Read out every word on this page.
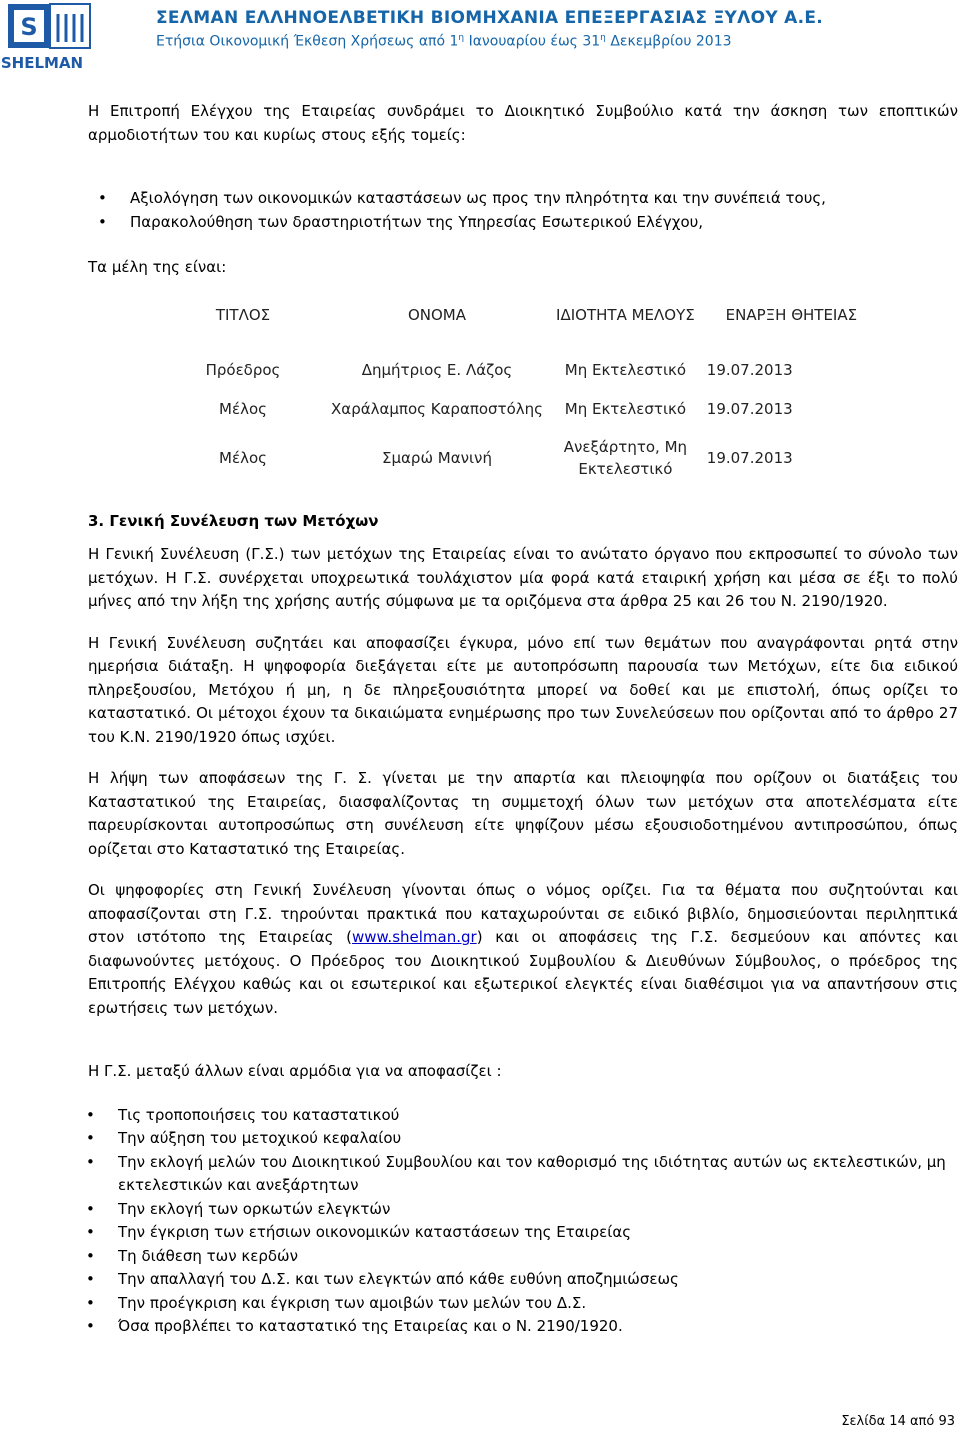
S
SHELMAN
ΣΕΛΜΑΝ ΕΛΛΗΝΟΕΛΒΕΤΙΚΗ ΒΙΟΜΗΧΑΝΙΑ ΕΠΕΞΕΡΓΑΣΙΑΣ ΞΥΛΟΥ Α.Ε.
Ετήσια Οικονομική Έκθεση Χρήσεως από $1^\eta$ Ιανουαρίου έως $31^\eta$ Δεκεμβρίου 2013

Η Επιτροπή Ελέγχου της Εταιρείας συνδράμει το Διοικητικό Συμβούλιο κατά την άσκηση των εποπτικών αρμοδιοτήτων του και κυρίως στους εξής τομείς:

• Αξιολόγηση των οικονομικών καταστάσεων ως προς την πληρότητα και την συνέπειά τους,
• Παρακολούθηση των δραστηριοτήτων της Υπηρεσίας Εσωτερικού Ελέγχου,

Τα μέλη της είναι:

ΤΙΤΛΟΣ	ΟΝΟΜΑ	ΙΔΙΟΤΗΤΑ ΜΕΛΟΥΣ	ΕΝΑΡΞΗ ΘΗΤΕΙΑΣ
Πρόεδρος	Δημήτριος Ε. Λάζος	Μη Εκτελεστικό	19.07.2013
Μέλος	Χαράλαμπος Καραποστόλης	Μη Εκτελεστικό	19.07.2013
Μέλος	Σμαρώ Μανινή	Ανεξάρτητο, Μη Εκτελεστικό	19.07.2013
3. Γενική Συνέλευση των Μετόχων

Η Γενική Συνέλευση (Γ.Σ.) των μετόχων της Εταιρείας είναι το ανώτατο όργανο που εκπροσωπεί το σύνολο των μετόχων. Η Γ.Σ. συνέρχεται υποχρεωτικά τουλάχιστον μία φορά κατά εταιρική χρήση και μέσα σε έξι το πολύ μήνες από την λήξη της χρήσης αυτής σύμφωνα με τα οριζόμενα στα άρθρα 25 και 26 του Ν. 2190/1920.

Η Γενική Συνέλευση συζητάει και αποφασίζει έγκυρα, μόνο επί των θεμάτων που αναγράφονται ρητά στην ημερήσια διάταξη. Η ψηφοφορία διεξάγεται είτε με αυτοπρόσωπη παρουσία των Μετόχων, είτε δια ειδικού πληρεξουσίου, Μετόχου ή μη, η δε πληρεξουσιότητα μπορεί να δοθεί και με επιστολή, όπως ορίζει το καταστατικό. Οι μέτοχοι έχουν τα δικαιώματα ενημέρωσης προ των Συνελεύσεων που ορίζονται από το άρθρο 27 του Κ.Ν. 2190/1920 όπως ισχύει.

Η λήψη των αποφάσεων της Γ. Σ. γίνεται με την απαρτία και πλειοψηφία που ορίζουν οι διατάξεις του Καταστατικού της Εταιρείας, διασφαλίζοντας τη συμμετοχή όλων των μετόχων στα αποτελέσματα είτε παρευρίσκονται αυτοπροσώπως στη συνέλευση είτε ψηφίζουν μέσω εξουσιοδοτημένου αντιπροσώπου, όπως ορίζεται στο Καταστατικό της Εταιρείας.

Οι ψηφοφορίες στη Γενική Συνέλευση γίνονται όπως ο νόμος ορίζει. Για τα θέματα που συζητούνται και αποφασίζονται στη Γ.Σ. τηρούνται πρακτικά που καταχωρούνται σε ειδικό βιβλίο, δημοσιεύονται περιληπτικά στον ιστότοπο της Εταιρείας (www.shelman.gr) και οι αποφάσεις της Γ.Σ. δεσμεύουν και απόντες και διαφωνούντες μετόχους. Ο Πρόεδρος του Διοικητικού Συμβουλίου & Διευθύνων Σύμβουλος, ο πρόεδρος της Επιτροπής Ελέγχου καθώς και οι εσωτερικοί και εξωτερικοί ελεγκτές είναι διαθέσιμοι για να απαντήσουν στις ερωτήσεις των μετόχων.

Η Γ.Σ. μεταξύ άλλων είναι αρμόδια για να αποφασίζει :

• Τις τροποποιήσεις του καταστατικού
• Την αύξηση του μετοχικού κεφαλαίου
• Την εκλογή μελών του Διοικητικού Συμβουλίου και τον καθορισμό της ιδιότητας αυτών ως εκτελεστικών, μη εκτελεστικών και ανεξάρτητων
• Την εκλογή των ορκωτών ελεγκτών
• Την έγκριση των ετήσιων οικονομικών καταστάσεων της Εταιρείας
• Τη διάθεση των κερδών
• Την απαλλαγή του Δ.Σ. και των ελεγκτών από κάθε ευθύνη αποζημιώσεως
• Την προέγκριση και έγκριση των αμοιβών των μελών του Δ.Σ.
• Όσα προβλέπει το καταστατικό της Εταιρείας και ο Ν. 2190/1920.
Σελίδα 14 από 93
